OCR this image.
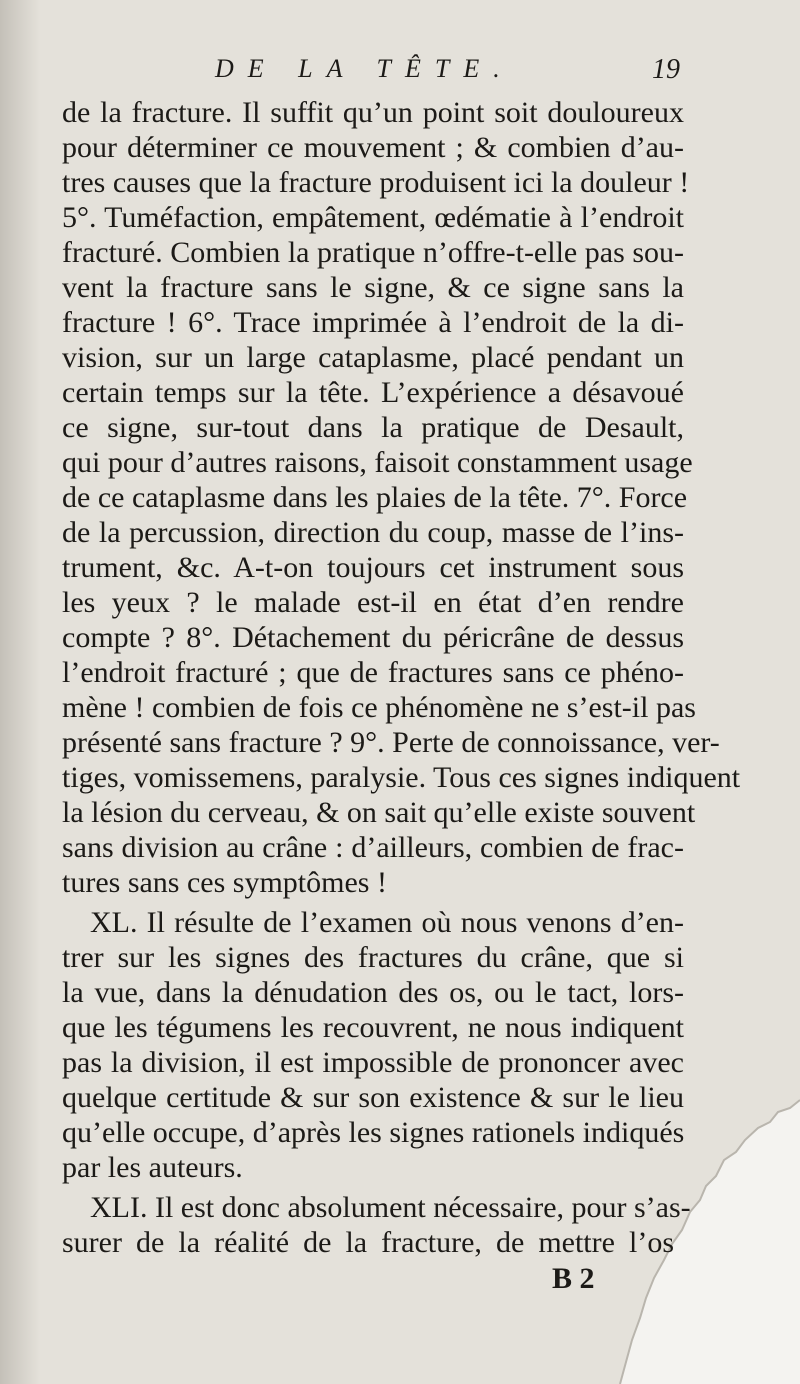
DE LA TÊTE.	19
de la fracture. Il suffit qu’un point soit douloureux
pour déterminer ce mouvement ; & combien d’au-
tres causes que la fracture produisent ici la douleur !
5°. Tuméfaction, empâtement, œdématie à l’endroit
fracturé. Combien la pratique n’offre-t-elle pas sou-
vent la fracture sans le signe, & ce signe sans la
fracture ! 6°. Trace imprimée à l’endroit de la di-
vision, sur un large cataplasme, placé pendant un
certain temps sur la tête. L’expérience a désavoué
ce signe, sur-tout dans la pratique de Desault,
qui pour d’autres raisons, faisoit constamment usage
de ce cataplasme dans les plaies de la tête. 7°. Force
de la percussion, direction du coup, masse de l’ins-
trument, &c. A-t-on toujours cet instrument sous
les yeux ? le malade est-il en état d’en rendre
compte ? 8°. Détachement du péricrâne de dessus
l’endroit fracturé ; que de fractures sans ce phéno-
mène ! combien de fois ce phénomène ne s’est-il pas
présenté sans fracture ? 9°. Perte de connoissance, ver-
tiges, vomissemens, paralysie. Tous ces signes indiquent
la lésion du cerveau, & on sait qu’elle existe souvent
sans division au crâne : d’ailleurs, combien de frac-
tures sans ces symptômes !
XL. Il résulte de l’examen où nous venons d’en-
trer sur les signes des fractures du crâne, que si
la vue, dans la dénudation des os, ou le tact, lors-
que les tégumens les recouvrent, ne nous indiquent
pas la division, il est impossible de prononcer avec
quelque certitude & sur son existence & sur le lieu
qu’elle occupe, d’après les signes rationels indiqués
par les auteurs.
XLI. Il est donc absolument nécessaire, pour s’as-
surer de la réalité de la fracture, de mettre l’os
B 2
